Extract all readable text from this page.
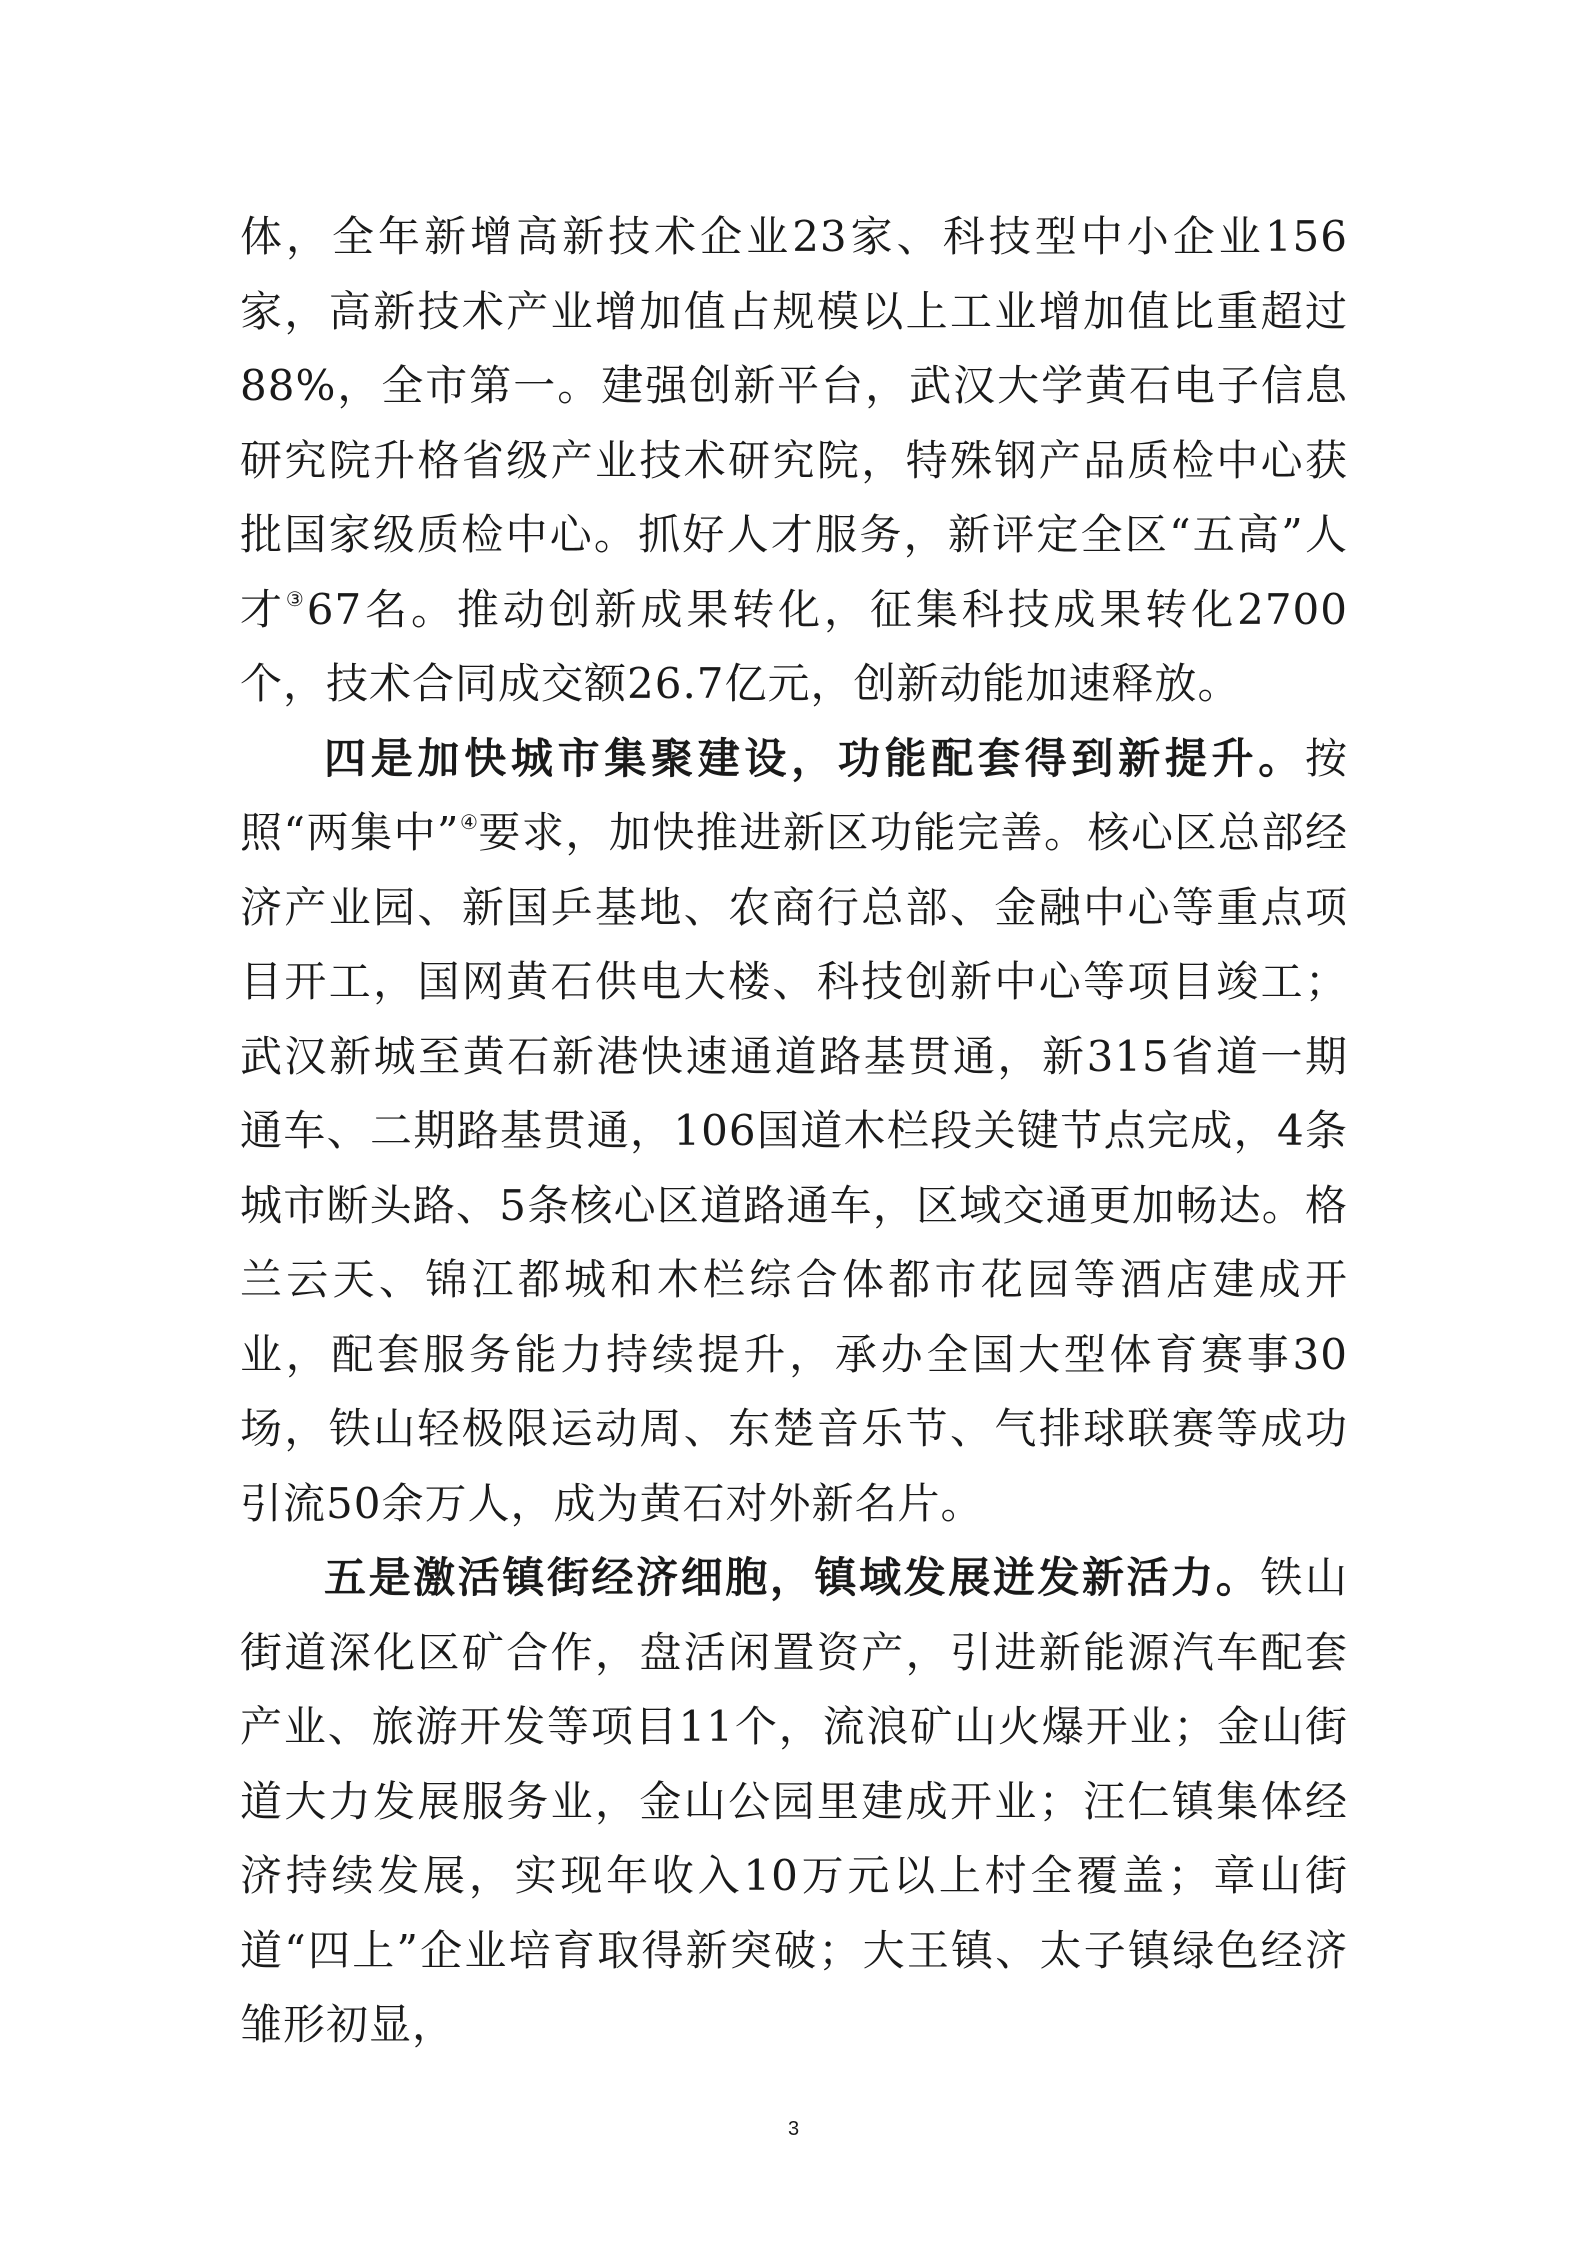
体，全年新增高新技术企业23家、科技型中小企业156家，高新技术产业增加值占规模以上工业增加值比重超过88%，全市第一。建强创新平台，武汉大学黄石电子信息研究院升格省级产业技术研究院，特殊钢产品质检中心获批国家级质检中心。抓好人才服务，新评定全区“五高”人才③67名。推动创新成果转化，征集科技成果转化2700个，技术合同成交额26.7亿元，创新动能加速释放。

四是加快城市集聚建设，功能配套得到新提升。按照“两集中”④要求，加快推进新区功能完善。核心区总部经济产业园、新国乒基地、农商行总部、金融中心等重点项目开工，国网黄石供电大楼、科技创新中心等项目竣工；武汉新城至黄石新港快速通道路基贯通，新315省道一期通车、二期路基贯通，106国道木栏段关键节点完成，4条城市断头路、5条核心区道路通车，区域交通更加畅达。格兰云天、锦江都城和木栏综合体都市花园等酒店建成开业，配套服务能力持续提升，承办全国大型体育赛事30场，铁山轻极限运动周、东楚音乐节、气排球联赛等成功引流50余万人，成为黄石对外新名片。

五是激活镇街经济细胞，镇域发展迸发新活力。铁山街道深化区矿合作，盘活闲置资产，引进新能源汽车配套产业、旅游开发等项目11个，流浪矿山火爆开业；金山街道大力发展服务业，金山公园里建成开业；汪仁镇集体经济持续发展，实现年收入10万元以上村全覆盖；章山街道“四上”企业培育取得新突破；大王镇、太子镇绿色经济雏形初显，

3
